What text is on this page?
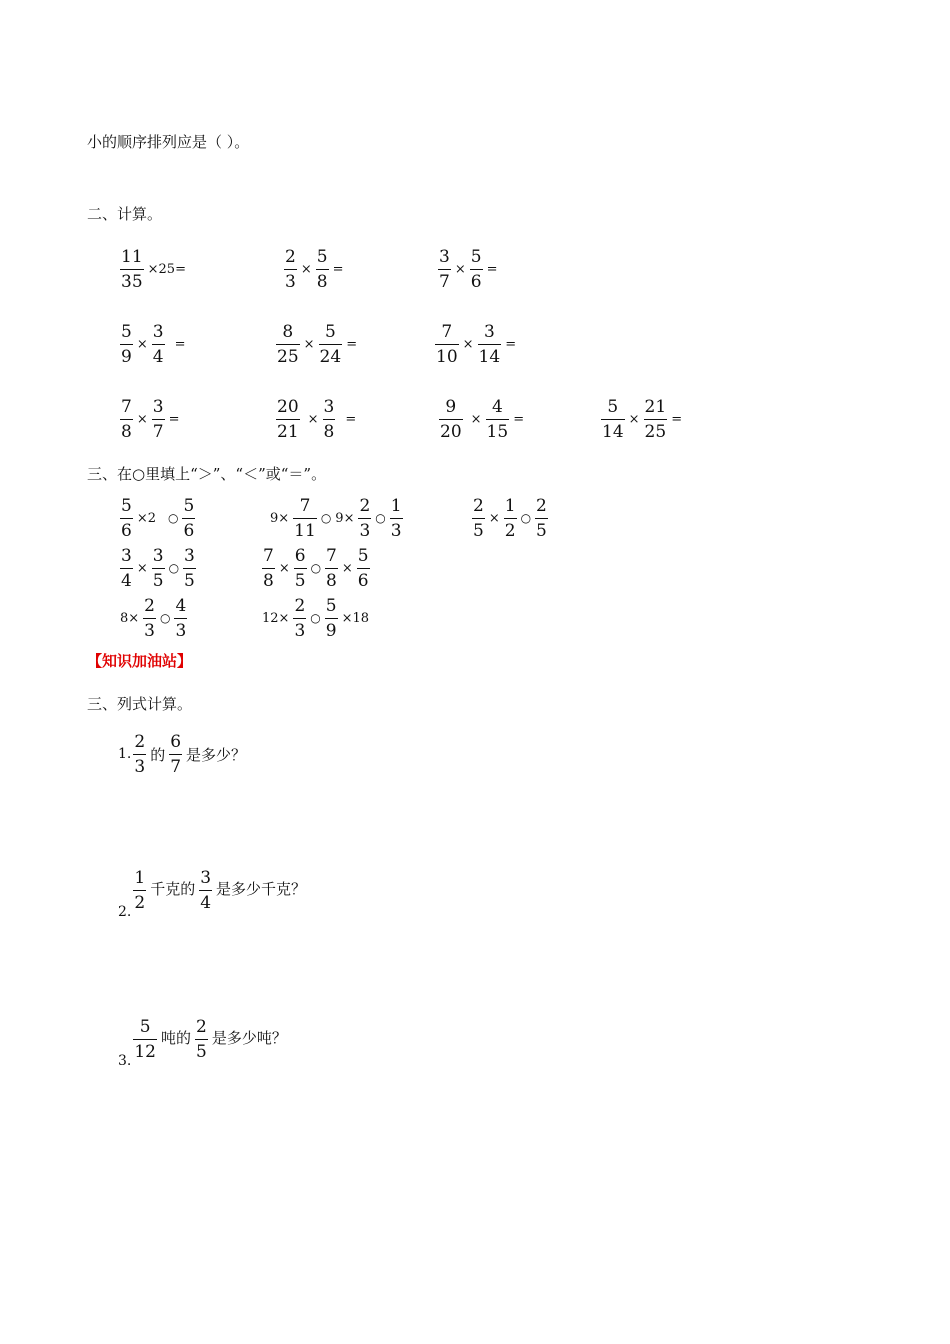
小的顺序排列应是（ ）。
二、计算。
$\frac{11}{35} \times 25=$	$\frac{2}{3} \times \frac{5}{8}$ =	$\frac{3}{7} \times \frac{5}{6}$ =
$\frac{5}{9} \times \frac{3}{4}$ =	$\frac{8}{25} \times \frac{5}{24}$ =	$\frac{7}{10} \times \frac{3}{14}$ =
$\frac{7}{8} \times \frac{3}{7}$ =	$\frac{20}{21} \times \frac{3}{8}$ =	$\frac{9}{20} \times \frac{4}{15}$ =	$\frac{5}{14} \times \frac{21}{25}$ =
三、在○里填上“＞”、“＜”或“＝”。
$\frac{5}{6} \times 2$ ○ $\frac{5}{6}$	$9\times \frac{7}{11}$ ○ $9\times \frac{2}{3}$ ○ $\frac{1}{3}$	$\frac{2}{5} \times \frac{1}{2}$ ○ $\frac{2}{5}$
$\frac{3}{4} \times \frac{3}{5}$ ○ $\frac{3}{5}$	$\frac{7}{8} \times \frac{6}{5}$ ○ $\frac{7}{8} \times \frac{5}{6}$
$8\times \frac{2}{3}$ ○ $\frac{4}{3}$	$12\times \frac{2}{3}$ ○ $\frac{5}{9} \times 18$
【知识加油站】
三、列式计算。
1. $\frac{2}{3}$ 的 $\frac{6}{7}$ 是多少？
2. $\frac{1}{2}$ 千克的 $\frac{3}{4}$ 是多少千克？
3. $\frac{5}{12}$ 吨的 $\frac{2}{5}$ 是多少吨？
